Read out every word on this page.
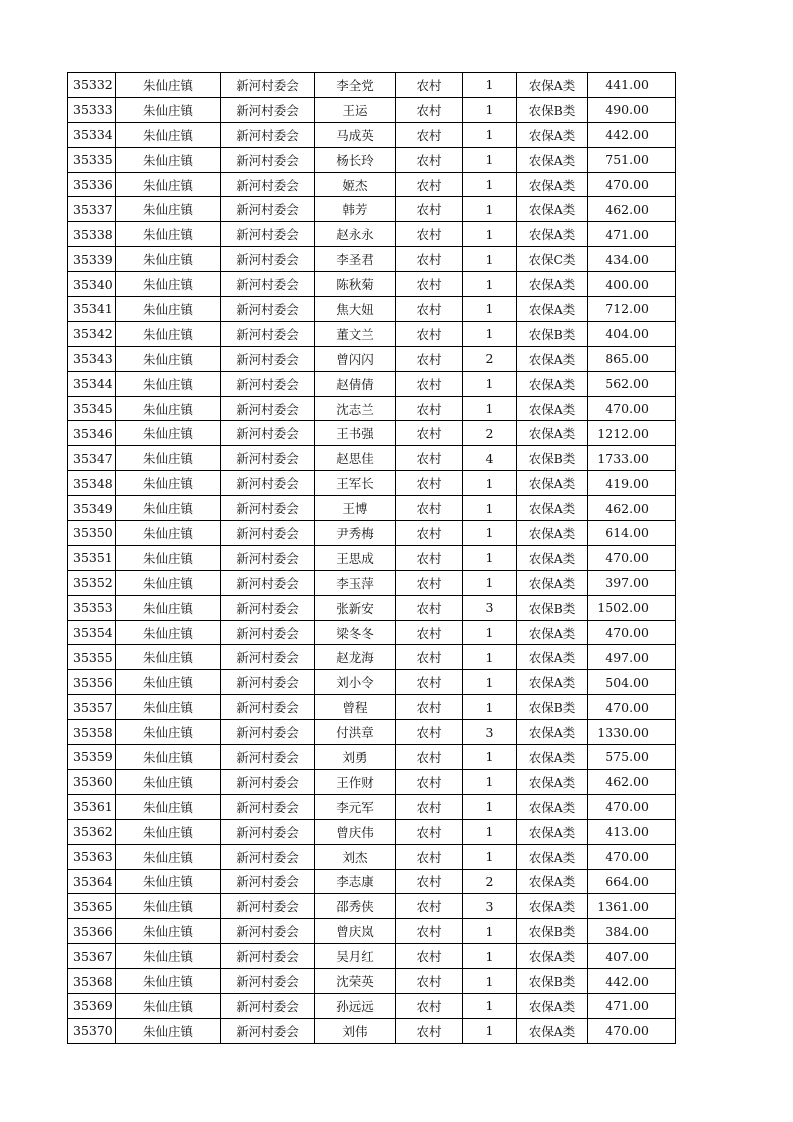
35332	朱仙庄镇	新河村委会	李全党	农村	1	农保A类	441.00
35333	朱仙庄镇	新河村委会	王运	农村	1	农保B类	490.00
35334	朱仙庄镇	新河村委会	马成英	农村	1	农保A类	442.00
35335	朱仙庄镇	新河村委会	杨长玲	农村	1	农保A类	751.00
35336	朱仙庄镇	新河村委会	姬杰	农村	1	农保A类	470.00
35337	朱仙庄镇	新河村委会	韩芳	农村	1	农保A类	462.00
35338	朱仙庄镇	新河村委会	赵永永	农村	1	农保A类	471.00
35339	朱仙庄镇	新河村委会	李圣君	农村	1	农保C类	434.00
35340	朱仙庄镇	新河村委会	陈秋菊	农村	1	农保A类	400.00
35341	朱仙庄镇	新河村委会	焦大妞	农村	1	农保A类	712.00
35342	朱仙庄镇	新河村委会	董文兰	农村	1	农保B类	404.00
35343	朱仙庄镇	新河村委会	曾闪闪	农村	2	农保A类	865.00
35344	朱仙庄镇	新河村委会	赵倩倩	农村	1	农保A类	562.00
35345	朱仙庄镇	新河村委会	沈志兰	农村	1	农保A类	470.00
35346	朱仙庄镇	新河村委会	王书强	农村	2	农保A类	1212.00
35347	朱仙庄镇	新河村委会	赵思佳	农村	4	农保B类	1733.00
35348	朱仙庄镇	新河村委会	王军长	农村	1	农保A类	419.00
35349	朱仙庄镇	新河村委会	王博	农村	1	农保A类	462.00
35350	朱仙庄镇	新河村委会	尹秀梅	农村	1	农保A类	614.00
35351	朱仙庄镇	新河村委会	王思成	农村	1	农保A类	470.00
35352	朱仙庄镇	新河村委会	李玉萍	农村	1	农保A类	397.00
35353	朱仙庄镇	新河村委会	张新安	农村	3	农保B类	1502.00
35354	朱仙庄镇	新河村委会	梁冬冬	农村	1	农保A类	470.00
35355	朱仙庄镇	新河村委会	赵龙海	农村	1	农保A类	497.00
35356	朱仙庄镇	新河村委会	刘小令	农村	1	农保A类	504.00
35357	朱仙庄镇	新河村委会	曾程	农村	1	农保B类	470.00
35358	朱仙庄镇	新河村委会	付洪章	农村	3	农保A类	1330.00
35359	朱仙庄镇	新河村委会	刘勇	农村	1	农保A类	575.00
35360	朱仙庄镇	新河村委会	王作财	农村	1	农保A类	462.00
35361	朱仙庄镇	新河村委会	李元军	农村	1	农保A类	470.00
35362	朱仙庄镇	新河村委会	曾庆伟	农村	1	农保A类	413.00
35363	朱仙庄镇	新河村委会	刘杰	农村	1	农保A类	470.00
35364	朱仙庄镇	新河村委会	李志康	农村	2	农保A类	664.00
35365	朱仙庄镇	新河村委会	邵秀侠	农村	3	农保A类	1361.00
35366	朱仙庄镇	新河村委会	曾庆岚	农村	1	农保B类	384.00
35367	朱仙庄镇	新河村委会	吴月红	农村	1	农保A类	407.00
35368	朱仙庄镇	新河村委会	沈荣英	农村	1	农保B类	442.00
35369	朱仙庄镇	新河村委会	孙远远	农村	1	农保A类	471.00
35370	朱仙庄镇	新河村委会	刘伟	农村	1	农保A类	470.00
